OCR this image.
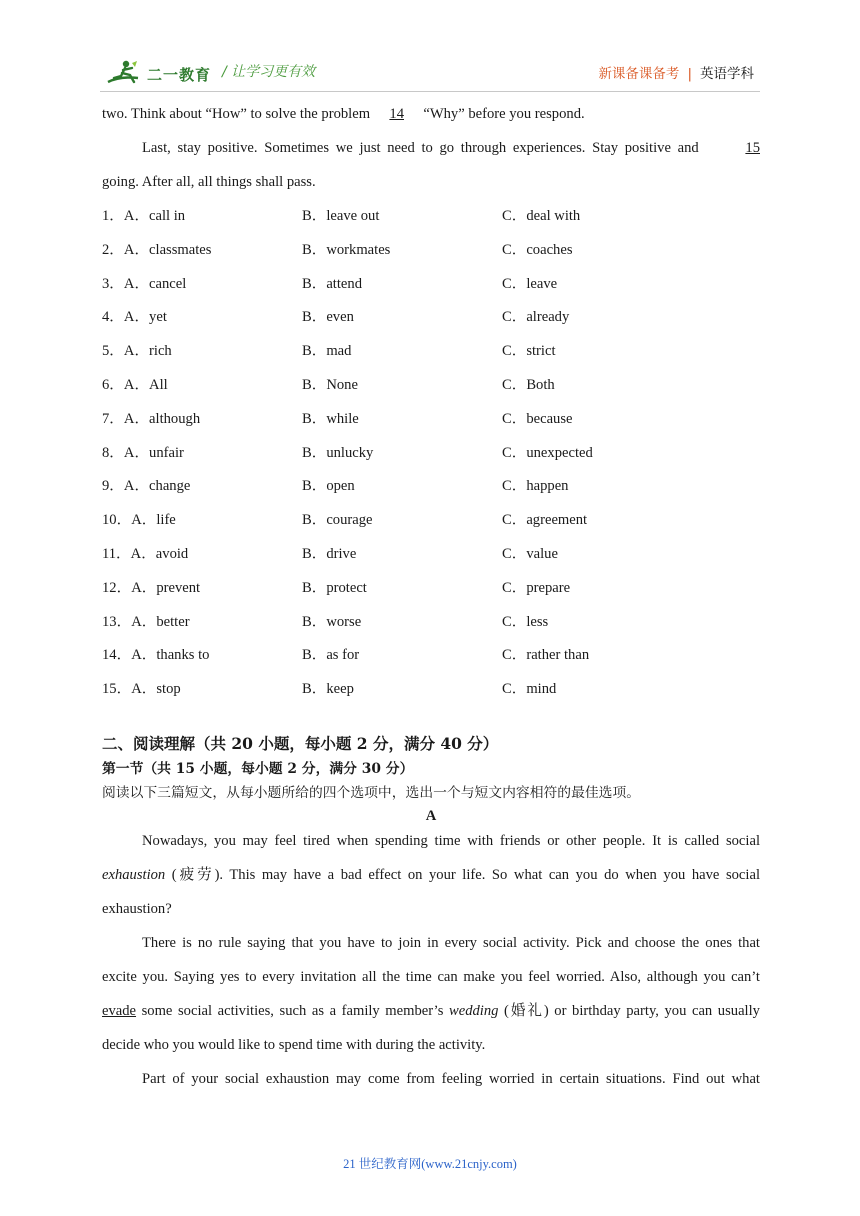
二一教育 / 让学习更有效	新课备课备考 | 英语学科
two. Think about “How” to solve the problem 14 “Why” before you respond.

Last, stay positive. Sometimes we just need to go through experiences. Stay positive and	15

going. After all, all things shall pass.
1．A．call in	B．leave out	C．deal with
2．A．classmates	B．workmates	C．coaches
3．A．cancel	B．attend	C．leave
4．A．yet	B．even	C．already
5．A．rich	B．mad	C．strict
6．A．All	B．None	C．Both
7．A．although	B．while	C．because
8．A．unfair	B．unlucky	C．unexpected
9．A．change	B．open	C．happen
10．A．life	B．courage	C．agreement
11．A．avoid	B．drive	C．value
12．A．prevent	B．protect	C．prepare
13．A．better	B．worse	C．less
14．A．thanks to	B．as for	C．rather than
15．A．stop	B．keep	C．mind
二、阅读理解（共 20 小题，每小题 2 分，满分 40 分）
第一节（共 15 小题，每小题 2 分，满分 30 分）
阅读以下三篇短文，从每小题所给的四个选项中，选出一个与短文内容相符的最佳选项。
A

Nowadays, you may feel tired when spending time with friends or other people. It is called social

exhaustion (疲劳). This may have a bad effect on your life. So what can you do when you have social

exhaustion?

There is no rule saying that you have to join in every social activity. Pick and choose the ones that

excite you. Saying yes to every invitation all the time can make you feel worried. Also, although you can’t

evade some social activities, such as a family member’s wedding (婚礼) or birthday party, you can usually

decide who you would like to spend time with during the activity.

Part of your social exhaustion may come from feeling worried in certain situations. Find out what

21 世纪教育网(www.21cnjy.com)
